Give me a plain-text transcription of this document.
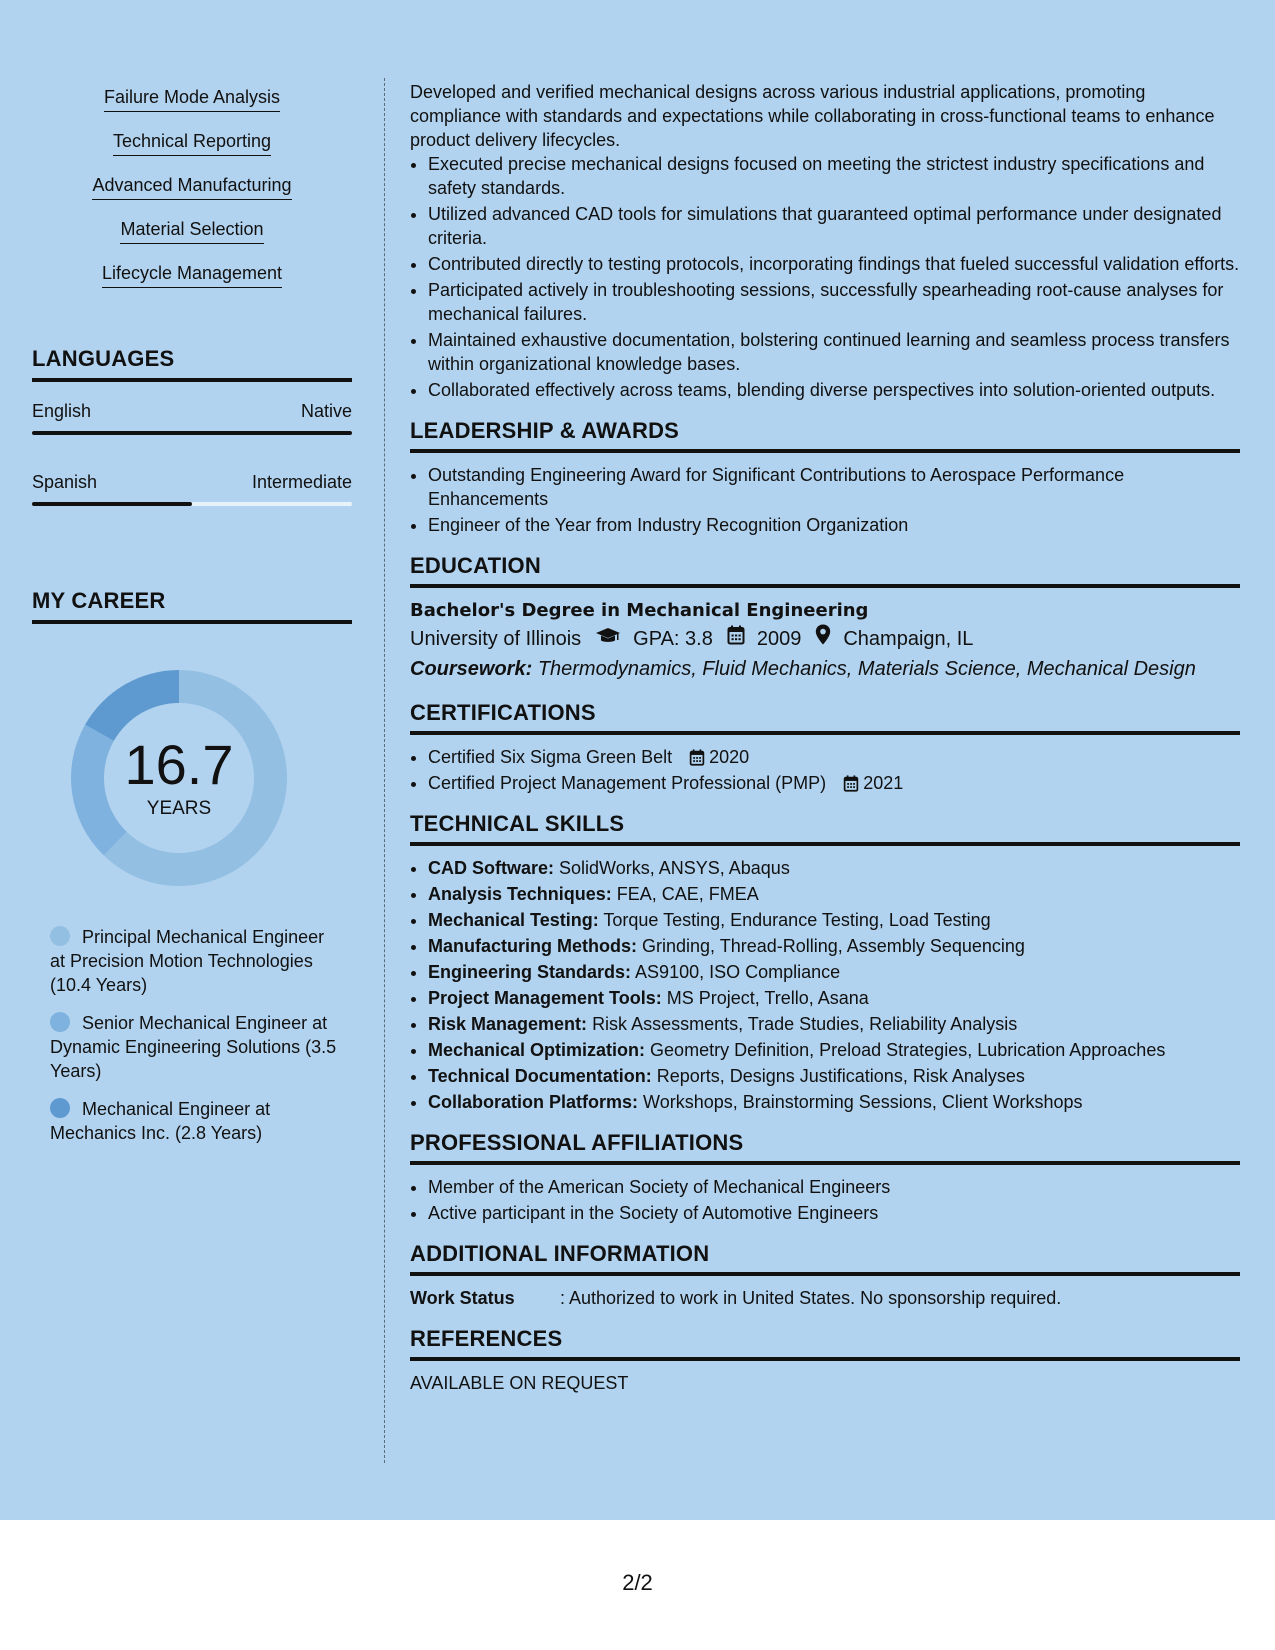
Failure Mode Analysis
Technical Reporting
Advanced Manufacturing
Material Selection
Lifecycle Management
LANGUAGES
English	Native
Spanish	Intermediate
MY CAREER
16.7
YEARS
Principal Mechanical Engineer at Precision Motion Technologies (10.4 Years)
Senior Mechanical Engineer at Dynamic Engineering Solutions (3.5 Years)
Mechanical Engineer at Mechanics Inc. (2.8 Years)

Developed and verified mechanical designs across various industrial applications, promoting compliance with standards and expectations while collaborating in cross-functional teams to enhance product delivery lifecycles.

• Executed precise mechanical designs focused on meeting the strictest industry specifications and safety standards.
• Utilized advanced CAD tools for simulations that guaranteed optimal performance under designated criteria.
• Contributed directly to testing protocols, incorporating findings that fueled successful validation efforts.
• Participated actively in troubleshooting sessions, successfully spearheading root-cause analyses for mechanical failures.
• Maintained exhaustive documentation, bolstering continued learning and seamless process transfers within organizational knowledge bases.
• Collaborated effectively across teams, blending diverse perspectives into solution-oriented outputs.
LEADERSHIP & AWARDS
• Outstanding Engineering Award for Significant Contributions to Aerospace Performance Enhancements
• Engineer of the Year from Industry Recognition Organization
EDUCATION
Bachelor's Degree in Mechanical Engineering
University of Illinois	GPA: 3.8 2009 Champaign, IL
Coursework: Thermodynamics, Fluid Mechanics, Materials Science, Mechanical Design
CERTIFICATIONS
• Certified Six Sigma Green Belt 2020
• Certified Project Management Professional (PMP) 2021
TECHNICAL SKILLS
• CAD Software: SolidWorks, ANSYS, Abaqus
• Analysis Techniques: FEA, CAE, FMEA
• Mechanical Testing: Torque Testing, Endurance Testing, Load Testing
• Manufacturing Methods: Grinding, Thread-Rolling, Assembly Sequencing
• Engineering Standards: AS9100, ISO Compliance
• Project Management Tools: MS Project, Trello, Asana
• Risk Management: Risk Assessments, Trade Studies, Reliability Analysis
• Mechanical Optimization: Geometry Definition, Preload Strategies, Lubrication Approaches
• Technical Documentation: Reports, Designs Justifications, Risk Analyses
• Collaboration Platforms: Workshops, Brainstorming Sessions, Client Workshops
PROFESSIONAL AFFILIATIONS
• Member of the American Society of Mechanical Engineers
• Active participant in the Society of Automotive Engineers
ADDITIONAL INFORMATION
Work Status	: Authorized to work in United States. No sponsorship required.
REFERENCES
AVAILABLE ON REQUEST
2/2
